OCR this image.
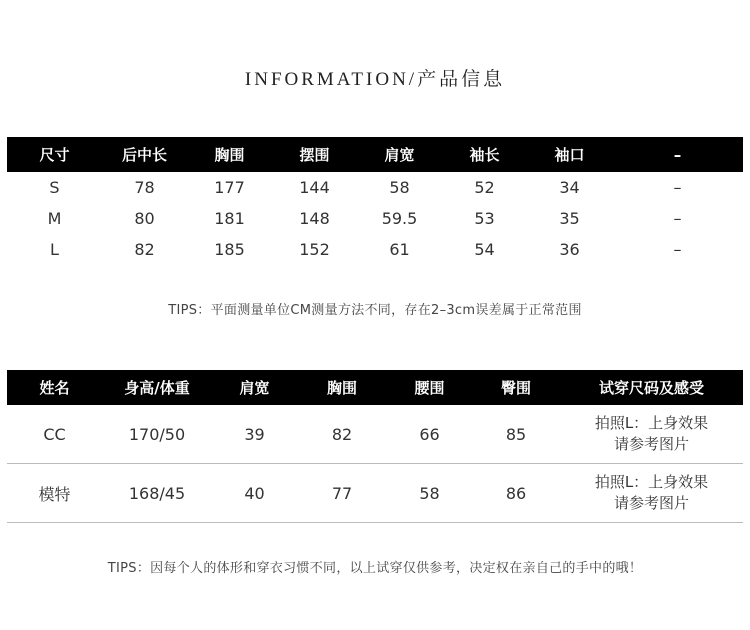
INFORMATION/产品信息
尺寸	后中长	胸围	摆围	肩宽	袖长	袖口	–
S	78	177	144	58	52	34	–
M	80	181	148	59.5	53	35	–
L	82	185	152	61	54	36	–
TIPS：平面测量单位CM测量方法不同，存在2–3cm误差属于正常范围
姓名	身高/体重	肩宽	胸围	腰围	臀围	试穿尺码及感受
CC	170/50	39	82	66	85	拍照L：上身效果
请参考图片

模特	168/45	40	77	58	86	拍照L：上身效果
请参考图片
TIPS：因每个人的体形和穿衣习惯不同，以上试穿仅供参考，决定权在亲自己的手中的哦！
